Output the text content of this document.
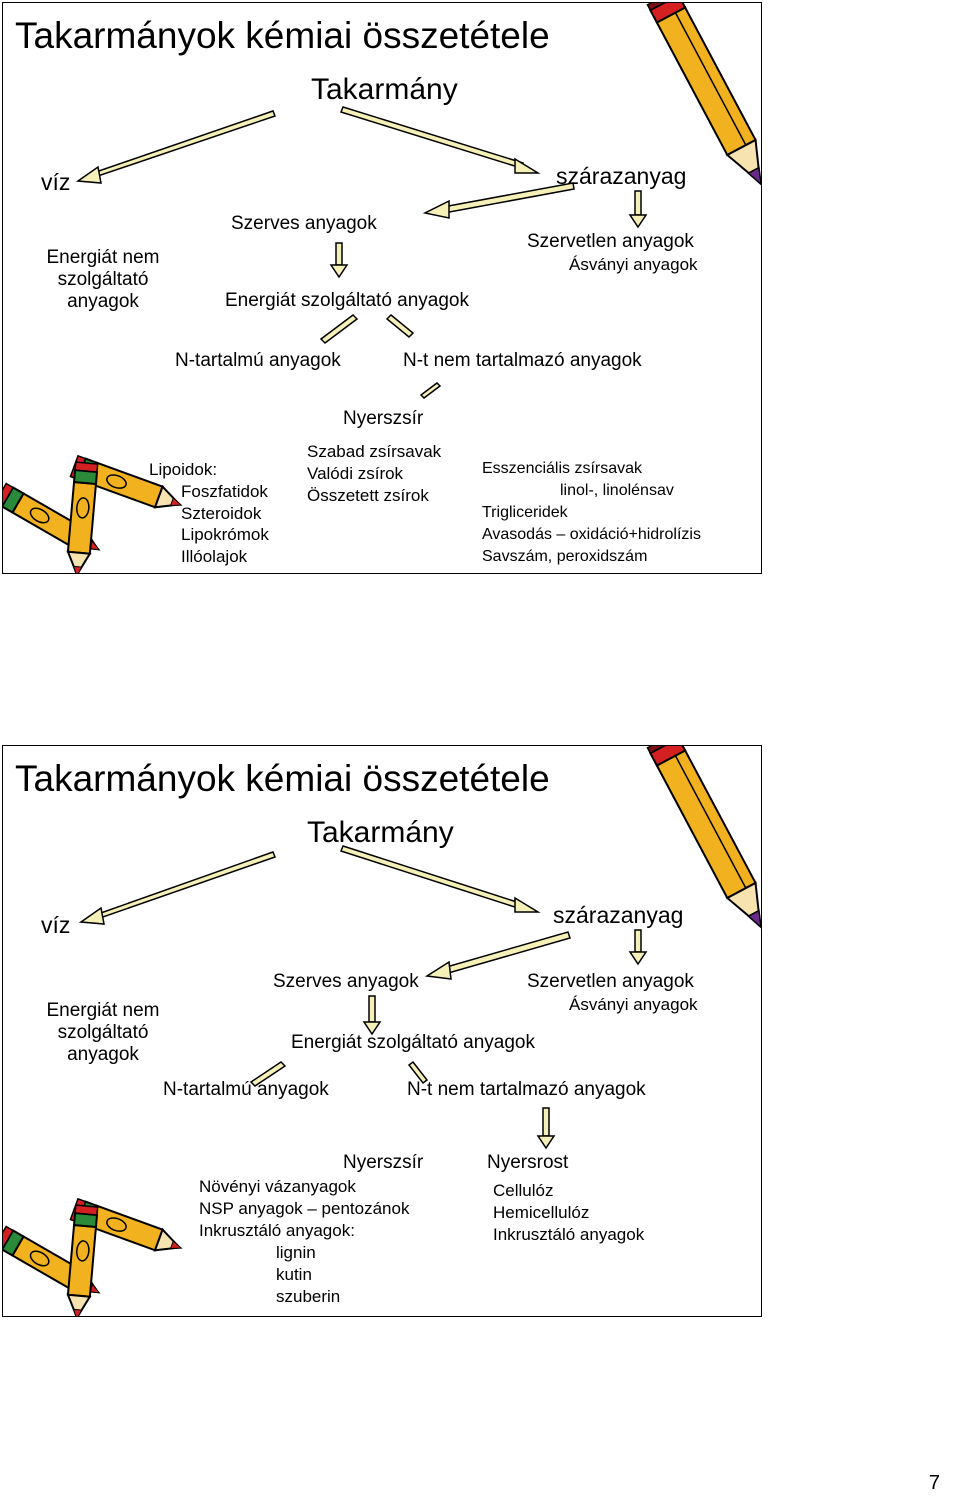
Takarmányok kémiai összetétele
Takarmány
víz	szárazanyag
Energiát nem
szolgáltató
anyagok
Szerves anyagok
Szervetlen anyagok
Ásványi anyagok
Energiát szolgáltató anyagok
N-tartalmú anyagok	N-t nem tartalmazó anyagok
Nyerszsír
Lipoidok:
Foszfatidok
Szteroidok
Lipokrómok
Illóolajok
Szabad zsírsavak
Valódi zsírok
Összetett zsírok
Esszenciális zsírsavak
linol-, linolénsav
Trigliceridek
Avasodás – oxidáció+hidrolízis
Savszám, peroxidszám
Takarmányok kémiai összetétele
Takarmány
víz	szárazanyag
Energiát nem
szolgáltató
anyagok
Szerves anyagok	Szervetlen anyagok
Ásványi anyagok
Energiát szolgáltató anyagok
N-tartalmú anyagok	N-t nem tartalmazó anyagok
Nyerszsír	Nyersrost
Növényi vázanyagok
NSP anyagok – pentozánok
Inkrusztáló anyagok:
lignin
kutin
szuberin
Cellulóz
Hemicellulóz
Inkrusztáló anyagok
7
